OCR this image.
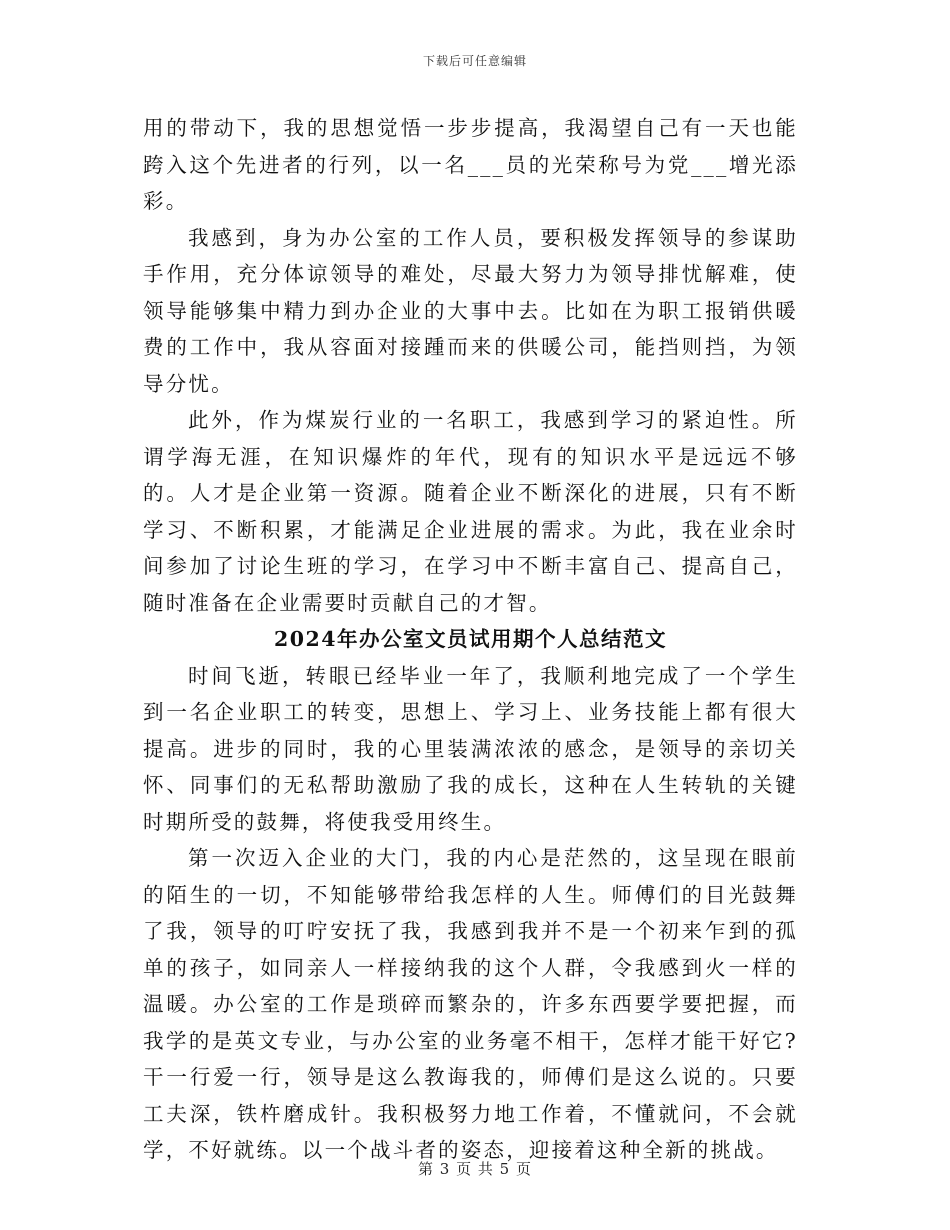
下载后可任意编辑

用的带动下，我的思想觉悟一步步提高，我渴望自己有一天也能跨入这个先进者的行列，以一名___员的光荣称号为党___增光添彩。

我感到，身为办公室的工作人员，要积极发挥领导的参谋助手作用，充分体谅领导的难处，尽最大努力为领导排忧解难，使领导能够集中精力到办企业的大事中去。比如在为职工报销供暖费的工作中，我从容面对接踵而来的供暖公司，能挡则挡，为领导分忧。

此外，作为煤炭行业的一名职工，我感到学习的紧迫性。所谓学海无涯，在知识爆炸的年代，现有的知识水平是远远不够的。人才是企业第一资源。随着企业不断深化的进展，只有不断学习、不断积累，才能满足企业进展的需求。为此，我在业余时间参加了讨论生班的学习，在学习中不断丰富自己、提高自己，随时准备在企业需要时贡献自己的才智。

2024年办公室文员试用期个人总结范文

时间飞逝，转眼已经毕业一年了，我顺利地完成了一个学生到一名企业职工的转变，思想上、学习上、业务技能上都有很大提高。进步的同时，我的心里装满浓浓的感念，是领导的亲切关怀、同事们的无私帮助激励了我的成长，这种在人生转轨的关键时期所受的鼓舞，将使我受用终生。

第一次迈入企业的大门，我的内心是茫然的，这呈现在眼前的陌生的一切，不知能够带给我怎样的人生。师傅们的目光鼓舞了我，领导的叮咛安抚了我，我感到我并不是一个初来乍到的孤单的孩子，如同亲人一样接纳我的这个人群，令我感到火一样的温暖。办公室的工作是琐碎而繁杂的，许多东西要学要把握，而我学的是英文专业，与办公室的业务毫不相干，怎样才能干好它?干一行爱一行，领导是这么教诲我的，师傅们是这么说的。只要工夫深，铁杵磨成针。我积极努力地工作着，不懂就问，不会就学，不好就练。以一个战斗者的姿态，迎接着这种全新的挑战。

第 3 页 共 5 页
